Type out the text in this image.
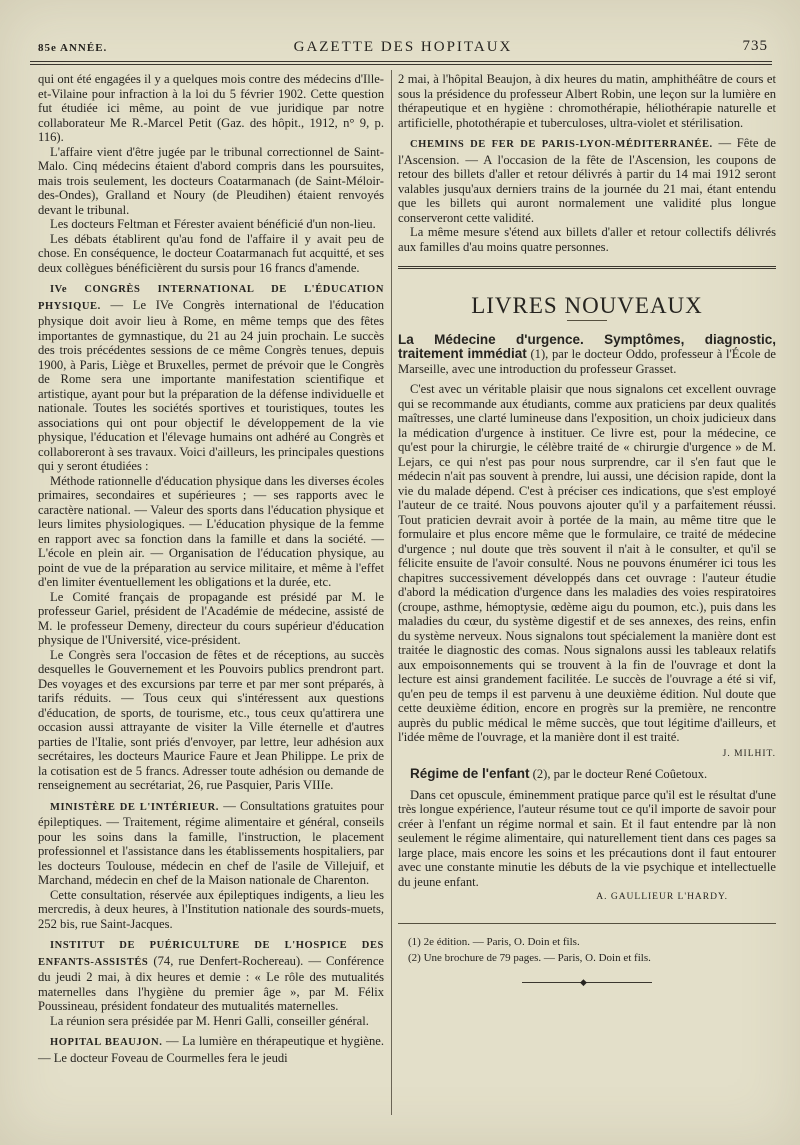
85e ANNÉE.	GAZETTE DES HOPITAUX	735

qui ont été engagées il y a quelques mois contre des médecins d'Ille-et-Vilaine pour infraction à la loi du 5 février 1902. Cette question fut étudiée ici même, au point de vue juridique par notre collaborateur Me R.-Marcel Petit (Gaz. des hôpit., 1912, n° 9, p. 116).

L'affaire vient d'être jugée par le tribunal correctionnel de Saint-Malo. Cinq médecins étaient d'abord compris dans les poursuites, mais trois seulement, les docteurs Coatarmanach (de Saint-Méloir-des-Ondes), Gralland et Noury (de Pleudihen) étaient renvoyés devant le tribunal.

Les docteurs Feltman et Férester avaient bénéficié d'un non-lieu.

Les débats établirent qu'au fond de l'affaire il y avait peu de chose. En conséquence, le docteur Coatarmanach fut acquitté, et ses deux collègues bénéficièrent du sursis pour 16 francs d'amende.

IVe CONGRÈS INTERNATIONAL DE L'ÉDUCATION PHYSIQUE. — Le IVe Congrès international de l'éducation physique doit avoir lieu à Rome, en même temps que des fêtes importantes de gymnastique, du 21 au 24 juin prochain. Le succès des trois précédentes sessions de ce même Congrès tenues, depuis 1900, à Paris, Liège et Bruxelles, permet de prévoir que le Congrès de Rome sera une importante manifestation scientifique et artistique, ayant pour but la préparation de la défense individuelle et nationale. Toutes les sociétés sportives et touristiques, toutes les associations qui ont pour objectif le développement de la vie physique, l'éducation et l'élevage humains ont adhéré au Congrès et collaboreront à ses travaux. Voici d'ailleurs, les principales questions qui y seront étudiées :

Méthode rationnelle d'éducation physique dans les diverses écoles primaires, secondaires et supérieures ; — ses rapports avec le caractère national. — Valeur des sports dans l'éducation physique et leurs limites physiologiques. — L'éducation physique de la femme en rapport avec sa fonction dans la famille et dans la société. — L'école en plein air. — Organisation de l'éducation physique, au point de vue de la préparation au service militaire, et même à l'effet d'en limiter éventuellement les obligations et la durée, etc.

Le Comité français de propagande est présidé par M. le professeur Gariel, président de l'Académie de médecine, assisté de M. le professeur Demeny, directeur du cours supérieur d'éducation physique de l'Université, vice-président.

Le Congrès sera l'occasion de fêtes et de réceptions, au succès desquelles le Gouvernement et les Pouvoirs publics prendront part. Des voyages et des excursions par terre et par mer sont préparés, à tarifs réduits. — Tous ceux qui s'intéressent aux questions d'éducation, de sports, de tourisme, etc., tous ceux qu'attirera une occasion aussi attrayante de visiter la Ville éternelle et d'autres parties de l'Italie, sont priés d'envoyer, par lettre, leur adhésion aux secrétaires, les docteurs Maurice Faure et Jean Philippe. Le prix de la cotisation est de 5 francs. Adresser toute adhésion ou demande de renseignement au secrétariat, 26, rue Pasquier, Paris VIIIe.

MINISTÈRE DE L'INTÉRIEUR. — Consultations gratuites pour épileptiques. — Traitement, régime alimentaire et général, conseils pour les soins dans la famille, l'instruction, le placement professionnel et l'assistance dans les établissements hospitaliers, par les docteurs Toulouse, médecin en chef de l'asile de Villejuif, et Marchand, médecin en chef de la Maison nationale de Charenton.

Cette consultation, réservée aux épileptiques indigents, a lieu les mercredis, à deux heures, à l'Institution nationale des sourds-muets, 252 bis, rue Saint-Jacques.

INSTITUT DE PUÉRICULTURE DE L'HOSPICE DES ENFANTS-ASSISTÉS (74, rue Denfert-Rochereau). — Conférence du jeudi 2 mai, à dix heures et demie : « Le rôle des mutualités maternelles dans l'hygiène du premier âge », par M. Félix Poussineau, président fondateur des mutualités maternelles.

La réunion sera présidée par M. Henri Galli, conseiller général.

HOPITAL BEAUJON. — La lumière en thérapeutique et hygiène. — Le docteur Foveau de Courmelles fera le jeudi

2 mai, à l'hôpital Beaujon, à dix heures du matin, amphithéâtre de cours et sous la présidence du professeur Albert Robin, une leçon sur la lumière en thérapeutique et en hygiène : chromothérapie, héliothérapie naturelle et artificielle, photothérapie et tuberculoses, ultra-violet et stérilisation.

CHEMINS DE FER DE PARIS-LYON-MÉDITERRANÉE. — Fête de l'Ascension. — A l'occasion de la fête de l'Ascension, les coupons de retour des billets d'aller et retour délivrés à partir du 14 mai 1912 seront valables jusqu'aux derniers trains de la journée du 21 mai, étant entendu que les billets qui auront normalement une validité plus longue conserveront cette validité.

La même mesure s'étend aux billets d'aller et retour collectifs délivrés aux familles d'au moins quatre personnes.

LIVRES NOUVEAUX

La Médecine d'urgence. Symptômes, diagnostic, traitement immédiat (1), par le docteur Oddo, professeur à l'École de Marseille, avec une introduction du professeur Grasset.

C'est avec un véritable plaisir que nous signalons cet excellent ouvrage qui se recommande aux étudiants, comme aux praticiens par deux qualités maîtresses, une clarté lumineuse dans l'exposition, un choix judicieux dans la médication d'urgence à instituer. Ce livre est, pour la médecine, ce qu'est pour la chirurgie, le célèbre traité de « chirurgie d'urgence » de M. Lejars, ce qui n'est pas pour nous surprendre, car il s'en faut que le médecin n'ait pas souvent à prendre, lui aussi, une décision rapide, dont la vie du malade dépend. C'est à préciser ces indications, que s'est employé l'auteur de ce traité. Nous pouvons ajouter qu'il y a parfaitement réussi. Tout praticien devrait avoir à portée de la main, au même titre que le formulaire et plus encore même que le formulaire, ce traité de médecine d'urgence ; nul doute que très souvent il n'ait à le consulter, et qu'il se félicite ensuite de l'avoir consulté. Nous ne pouvons énumérer ici tous les chapitres successivement développés dans cet ouvrage : l'auteur étudie d'abord la médication d'urgence dans les maladies des voies respiratoires (croupe, asthme, hémoptysie, œdème aigu du poumon, etc.), puis dans les maladies du cœur, du système digestif et de ses annexes, des reins, enfin du système nerveux. Nous signalons tout spécialement la manière dont est traitée le diagnostic des comas. Nous signalons aussi les tableaux relatifs aux empoisonnements qui se trouvent à la fin de l'ouvrage et dont la lecture est ainsi grandement facilitée. Le succès de l'ouvrage a été si vif, qu'en peu de temps il est parvenu à une deuxième édition. Nul doute que cette deuxième édition, encore en progrès sur la première, ne rencontre auprès du public médical le même succès, que tout légitime d'ailleurs, et l'idée même de l'ouvrage, et la manière dont il est traité.

J. MILHIT.

Régime de l'enfant (2), par le docteur René Coûetoux.

Dans cet opuscule, éminemment pratique parce qu'il est le résultat d'une très longue expérience, l'auteur résume tout ce qu'il importe de savoir pour créer à l'enfant un régime normal et sain. Et il faut entendre par là non seulement le régime alimentaire, qui naturellement tient dans ces pages sa large place, mais encore les soins et les précautions dont il faut entourer avec une constante minutie les débuts de la vie psychique et intellectuelle du jeune enfant.

A. GAULLIEUR L'HARDY.
(1) 2e édition. — Paris, O. Doin et fils.
(2) Une brochure de 79 pages. — Paris, O. Doin et fils.
◆
